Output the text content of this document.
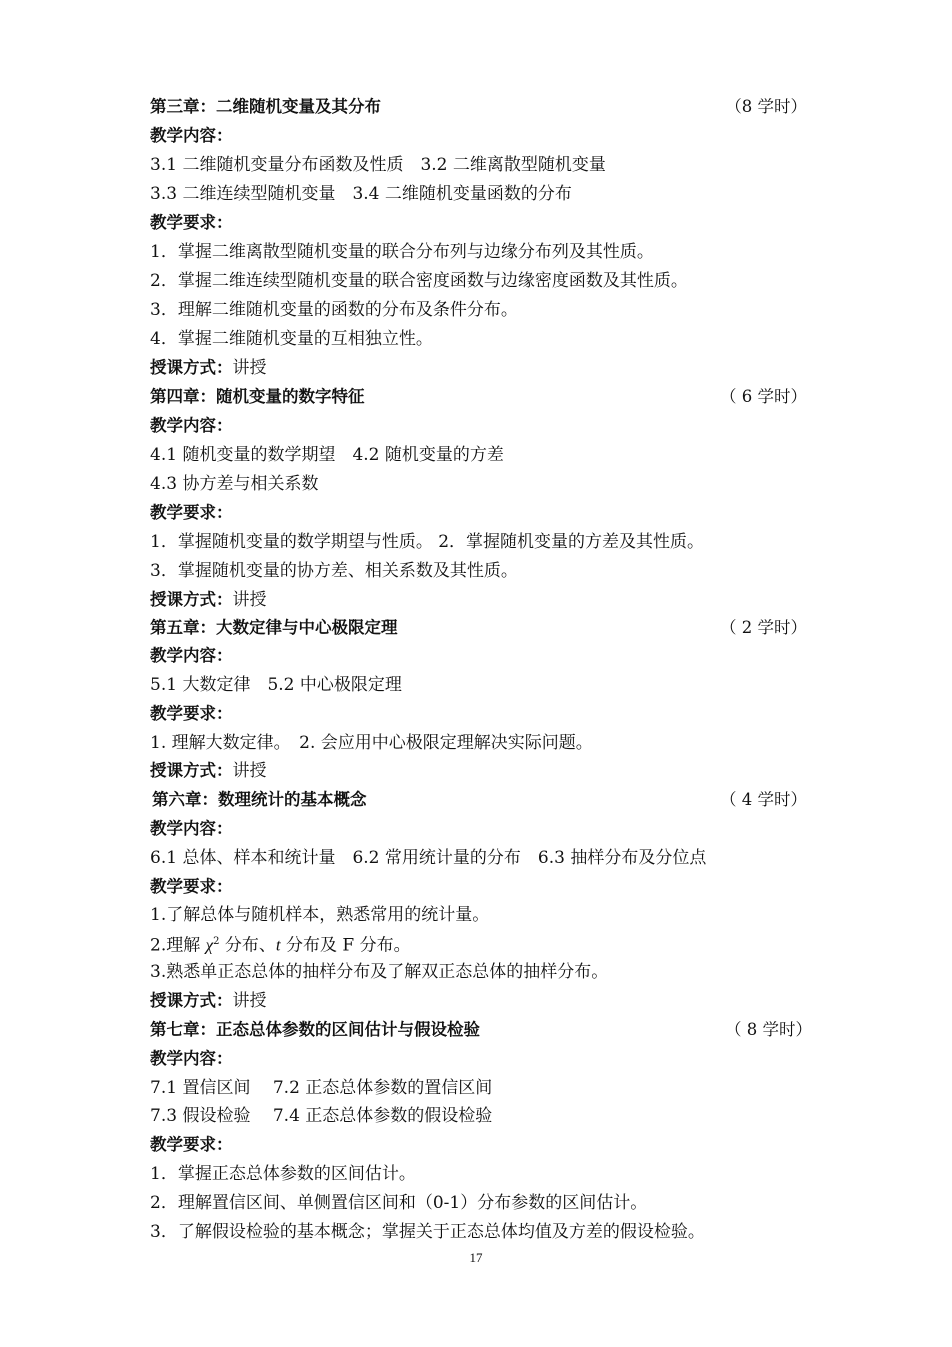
第三章：二维随机变量及其分布	（8 学时）
教学内容：
3.1 二维随机变量分布函数及性质　3.2 二维离散型随机变量
3.3 二维连续型随机变量　3.4 二维随机变量函数的分布
教学要求：
1．掌握二维离散型随机变量的联合分布列与边缘分布列及其性质。
2．掌握二维连续型随机变量的联合密度函数与边缘密度函数及其性质。
3．理解二维随机变量的函数的分布及条件分布。
4．掌握二维随机变量的互相独立性。
授课方式：讲授
第四章：随机变量的数字特征	（ 6 学时）
教学内容：
4.1 随机变量的数学期望　4.2 随机变量的方差
4.3 协方差与相关系数
教学要求：
1．掌握随机变量的数学期望与性质。 2．掌握随机变量的方差及其性质。
3．掌握随机变量的协方差、相关系数及其性质。
授课方式：讲授
第五章：大数定律与中心极限定理	（ 2 学时）
教学内容：
5.1 大数定律　5.2 中心极限定理
教学要求：
1. 理解大数定律。　2. 会应用中心极限定理解决实际问题。
授课方式：讲授
第六章：数理统计的基本概念	（ 4 学时）
教学内容：
6.1 总体、样本和统计量　6.2 常用统计量的分布　6.3 抽样分布及分位点
教学要求：
1.了解总体与随机样本，熟悉常用的统计量。
2.理解 $\chi^2$ 分布、t 分布及 F 分布。
3.熟悉单正态总体的抽样分布及了解双正态总体的抽样分布。
授课方式：讲授
第七章：正态总体参数的区间估计与假设检验	（ 8 学时）
教学内容：
7.1 置信区间　 7.2 正态总体参数的置信区间
7.3 假设检验　 7.4 正态总体参数的假设检验
教学要求：
1．掌握正态总体参数的区间估计。
2．理解置信区间、单侧置信区间和（0-1）分布参数的区间估计。
3．了解假设检验的基本概念；掌握关于正态总体均值及方差的假设检验。
17
